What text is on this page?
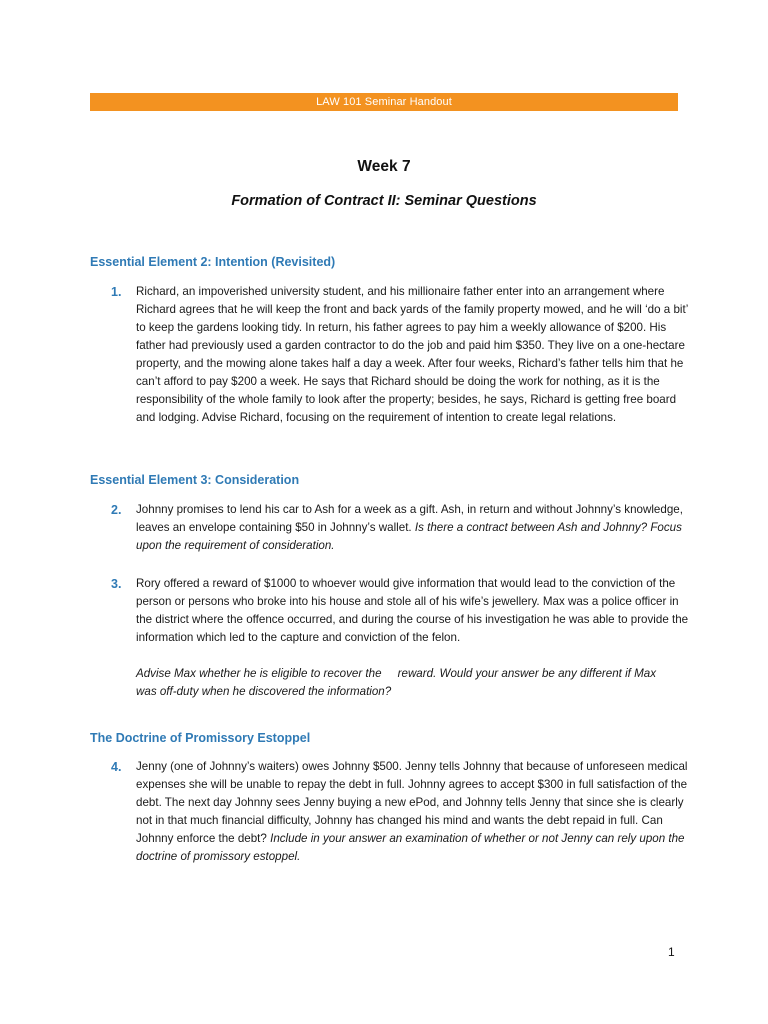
LAW 101 Seminar Handout
Week 7
Formation of Contract II: Seminar Questions
Essential Element 2: Intention (Revisited)
1. Richard, an impoverished university student, and his millionaire father enter into an arrangement where Richard agrees that he will keep the front and back yards of the family property mowed, and he will ‘do a bit’ to keep the gardens looking tidy. In return, his father agrees to pay him a weekly allowance of $200. His father had previously used a garden contractor to do the job and paid him $350. They live on a one-hectare property, and the mowing alone takes half a day a week. After four weeks, Richard’s father tells him that he can’t afford to pay $200 a week. He says that Richard should be doing the work for nothing, as it is the responsibility of the whole family to look after the property; besides, he says, Richard is getting free board and lodging. Advise Richard, focusing on the requirement of intention to create legal relations.

Essential Element 3: Consideration
2. Johnny promises to lend his car to Ash for a week as a gift. Ash, in return and without Johnny’s knowledge, leaves an envelope containing $50 in Johnny’s wallet. Is there a contract between Ash and Johnny? Focus upon the requirement of consideration.

3. Rory offered a reward of $1000 to whoever would give information that would lead to the conviction of the person or persons who broke into his house and stole all of his wife’s jewellery. Max was a police officer in the district where the offence occurred, and during the course of his investigation he was able to provide the information which led to the capture and conviction of the felon.

Advise Max whether he is eligible to recover the     reward. Would your answer be any different if Max was off-duty when he discovered the information?

The Doctrine of Promissory Estoppel
4. Jenny (one of Johnny’s waiters) owes Johnny $500. Jenny tells Johnny that because of unforeseen medical expenses she will be unable to repay the debt in full. Johnny agrees to accept $300 in full satisfaction of the debt. The next day Johnny sees Jenny buying a new ePod, and Johnny tells Jenny that since she is clearly not in that much financial difficulty, Johnny has changed his mind and wants the debt repaid in full. Can Johnny enforce the debt? Include in your answer an examination of whether or not Jenny can rely upon the doctrine of promissory estoppel.

1
